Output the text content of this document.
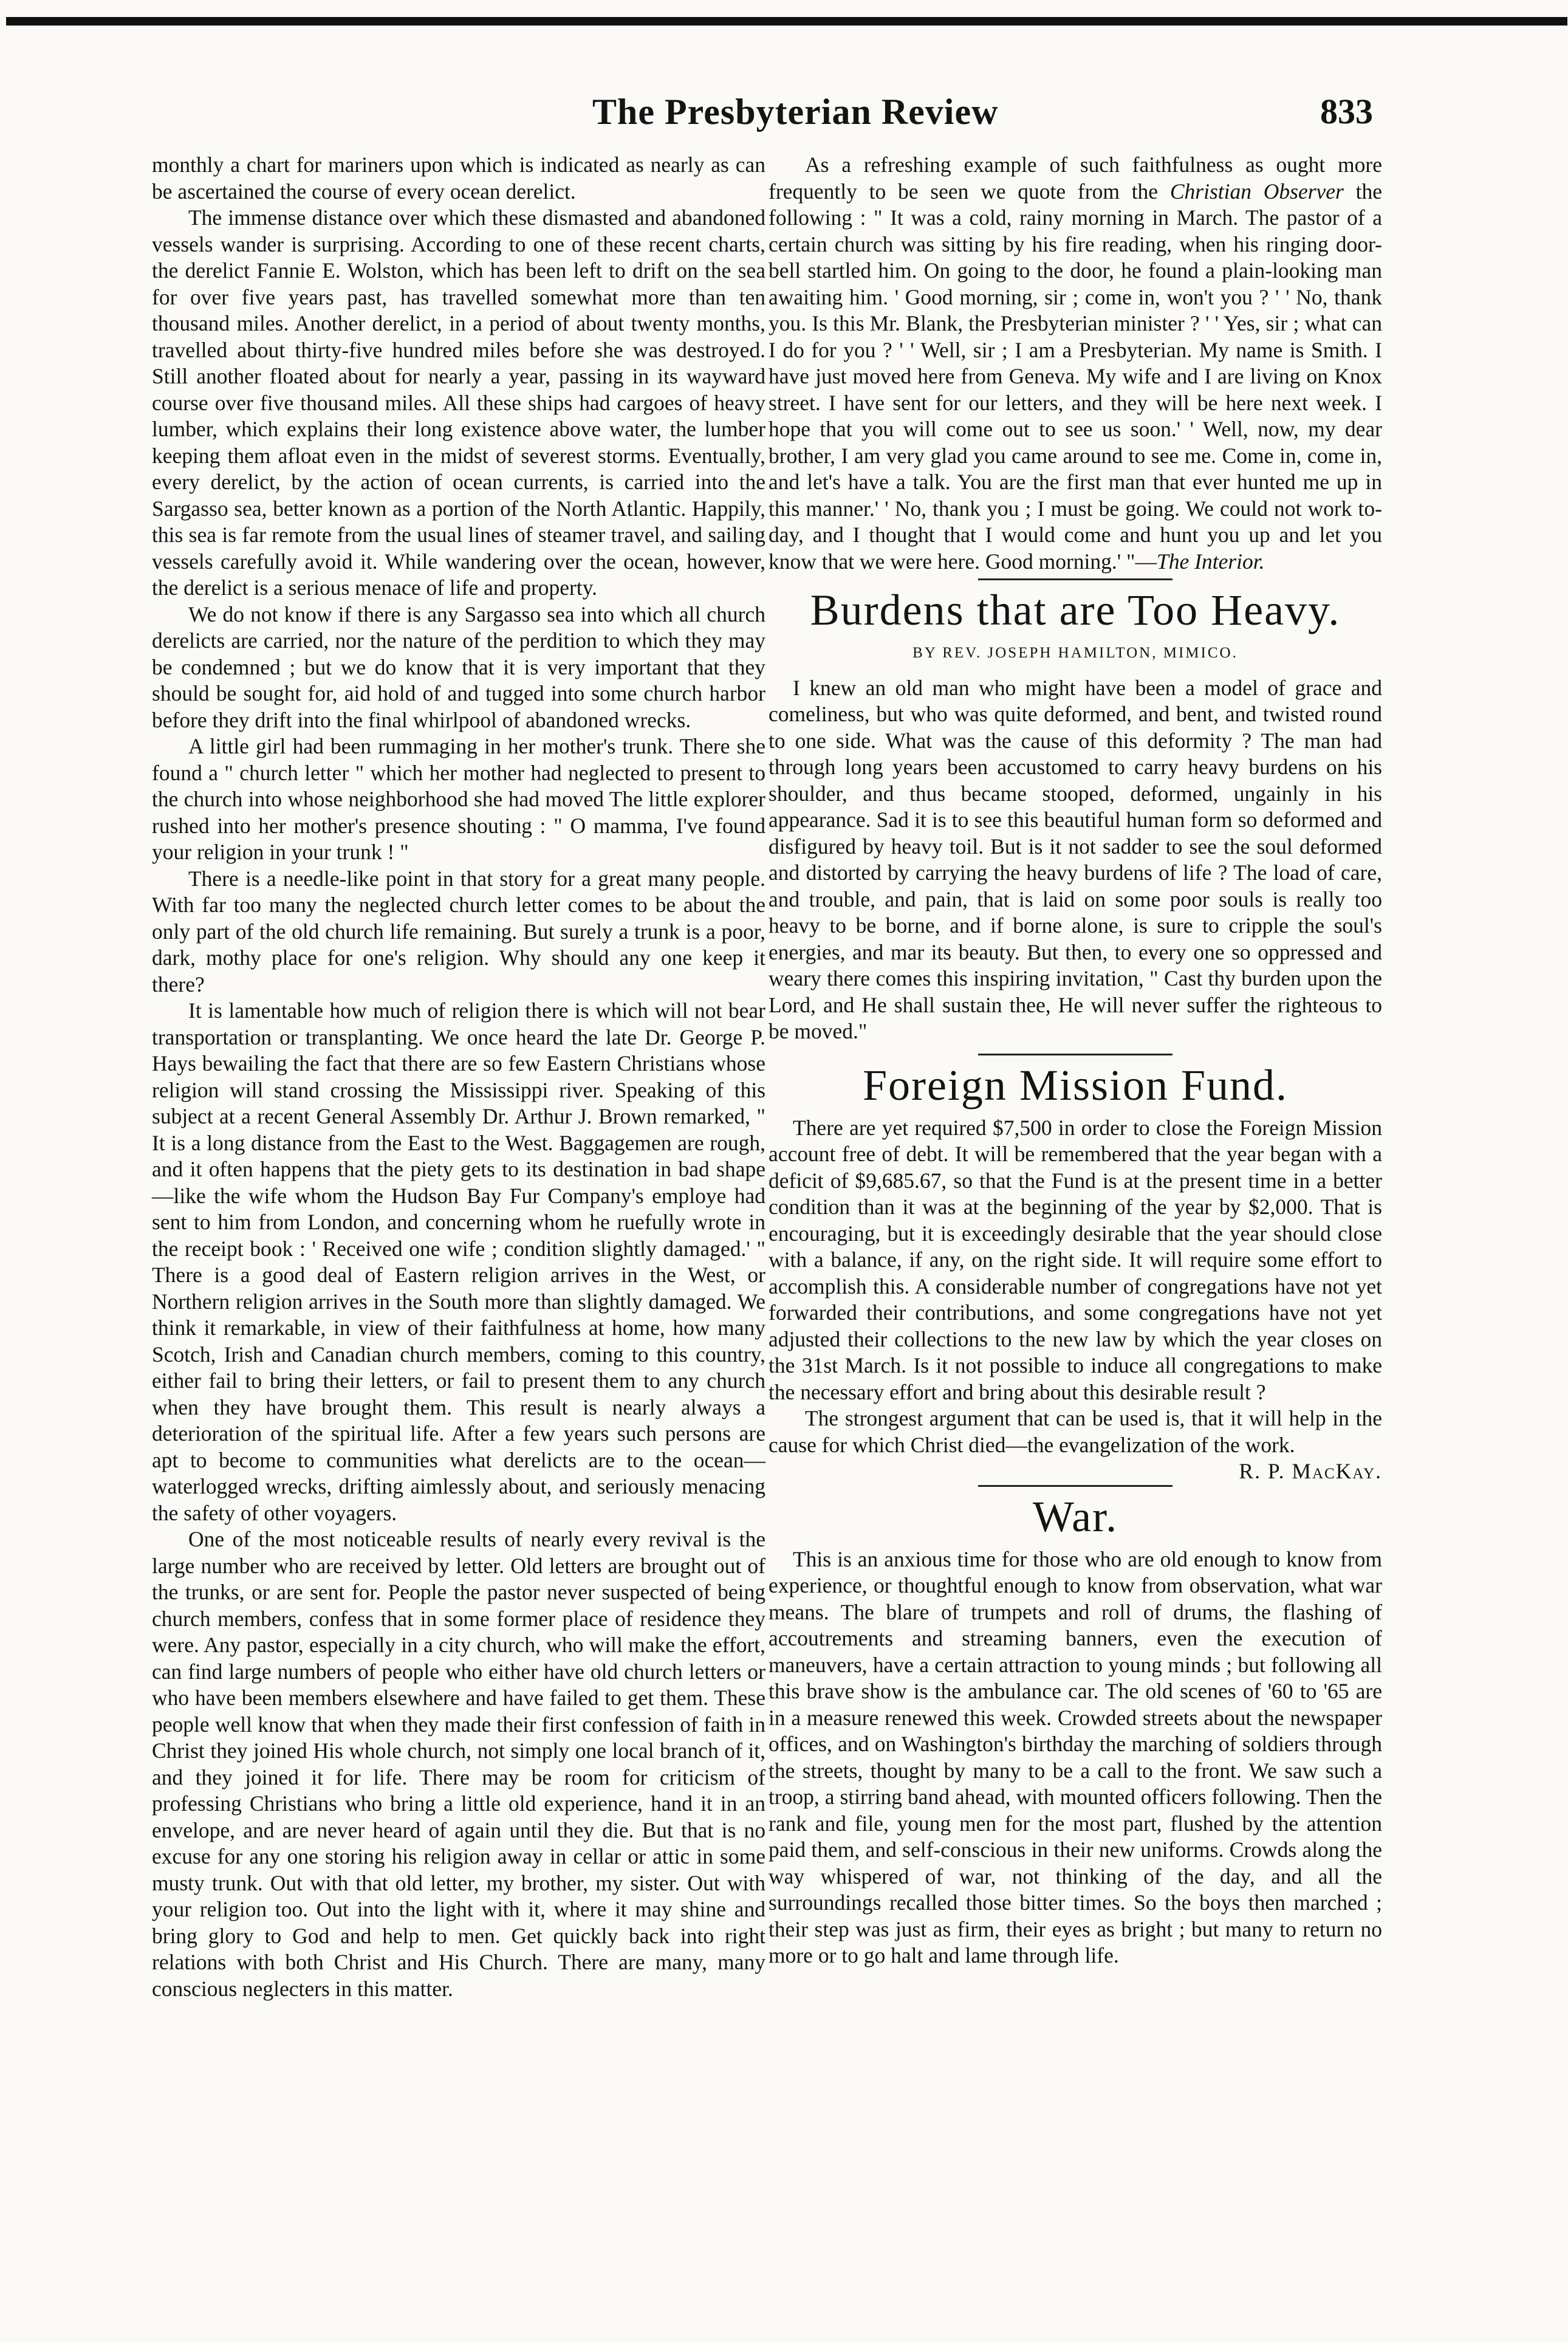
The Presbyterian Review	833

monthly a chart for mariners upon which is indicated as nearly as can be ascertained the course of every ocean derelict.

The immense distance over which these dismasted and abandoned vessels wander is surprising. According to one of these recent charts, the derelict Fannie E. Wolston, which has been left to drift on the sea for over five years past, has travelled somewhat more than ten thousand miles. Another derelict, in a period of about twenty months, travelled about thirty-five hundred miles before she was destroyed. Still another floated about for nearly a year, passing in its wayward course over five thousand miles. All these ships had cargoes of heavy lumber, which explains their long existence above water, the lumber keeping them afloat even in the midst of severest storms. Eventually, every derelict, by the action of ocean currents, is carried into the Sargasso sea, better known as a portion of the North Atlantic. Happily, this sea is far remote from the usual lines of steamer travel, and sailing vessels carefully avoid it. While wandering over the ocean, however, the derelict is a serious menace of life and property.

We do not know if there is any Sargasso sea into which all church derelicts are carried, nor the nature of the perdition to which they may be condemned ; but we do know that it is very important that they should be sought for, aid hold of and tugged into some church harbor before they drift into the final whirlpool of abandoned wrecks.

A little girl had been rummaging in her mother's trunk. There she found a " church letter " which her mother had neglected to present to the church into whose neighborhood she had moved The little explorer rushed into her mother's presence shouting : " O mamma, I've found your religion in your trunk ! "

There is a needle-like point in that story for a great many people. With far too many the neglected church letter comes to be about the only part of the old church life remaining. But surely a trunk is a poor, dark, mothy place for one's religion. Why should any one keep it there?

It is lamentable how much of religion there is which will not bear transportation or transplanting. We once heard the late Dr. George P. Hays bewailing the fact that there are so few Eastern Christians whose religion will stand crossing the Mississippi river. Speaking of this subject at a recent General Assembly Dr. Arthur J. Brown remarked, " It is a long distance from the East to the West. Baggagemen are rough, and it often happens that the piety gets to its destination in bad shape—like the wife whom the Hudson Bay Fur Company's employe had sent to him from London, and concerning whom he ruefully wrote in the receipt book : ' Received one wife ; condition slightly damaged.' " There is a good deal of Eastern religion arrives in the West, or Northern religion arrives in the South more than slightly damaged. We think it remarkable, in view of their faithfulness at home, how many Scotch, Irish and Canadian church members, coming to this country, either fail to bring their letters, or fail to present them to any church when they have brought them. This result is nearly always a deterioration of the spiritual life. After a few years such persons are apt to become to communities what derelicts are to the ocean—waterlogged wrecks, drifting aimlessly about, and seriously menacing the safety of other voyagers.

One of the most noticeable results of nearly every revival is the large number who are received by letter. Old letters are brought out of the trunks, or are sent for. People the pastor never suspected of being church members, confess that in some former place of residence they were. Any pastor, especially in a city church, who will make the effort, can find large numbers of people who either have old church letters or who have been members elsewhere and have failed to get them. These people well know that when they made their first confession of faith in Christ they joined His whole church, not simply one local branch of it, and they joined it for life. There may be room for criticism of professing Christians who bring a little old experience, hand it in an envelope, and are never heard of again until they die. But that is no excuse for any one storing his religion away in cellar or attic in some musty trunk. Out with that old letter, my brother, my sister. Out with your religion too. Out into the light with it, where it may shine and bring glory to God and help to men. Get quickly back into right relations with both Christ and His Church. There are many, many conscious neglecters in this matter.

As a refreshing example of such faithfulness as ought more frequently to be seen we quote from the Christian Observer the following : " It was a cold, rainy morning in March. The pastor of a certain church was sitting by his fire reading, when his ringing door-bell startled him. On going to the door, he found a plain-looking man awaiting him. ' Good morning, sir ; come in, won't you ? ' ' No, thank you. Is this Mr. Blank, the Presbyterian minister ? ' ' Yes, sir ; what can I do for you ? ' ' Well, sir ; I am a Presbyterian. My name is Smith. I have just moved here from Geneva. My wife and I are living on Knox street. I have sent for our letters, and they will be here next week. I hope that you will come out to see us soon.' ' Well, now, my dear brother, I am very glad you came around to see me. Come in, come in, and let's have a talk. You are the first man that ever hunted me up in this manner.' ' No, thank you ; I must be going. We could not work to-day, and I thought that I would come and hunt you up and let you know that we were here. Good morning.' "—The Interior.

Burdens that are Too Heavy.
BY REV. JOSEPH HAMILTON, MIMICO.

I knew an old man who might have been a model of grace and comeliness, but who was quite deformed, and bent, and twisted round to one side. What was the cause of this deformity ? The man had through long years been accustomed to carry heavy burdens on his shoulder, and thus became stooped, deformed, ungainly in his appearance. Sad it is to see this beautiful human form so deformed and disfigured by heavy toil. But is it not sadder to see the soul deformed and distorted by carrying the heavy burdens of life ? The load of care, and trouble, and pain, that is laid on some poor souls is really too heavy to be borne, and if borne alone, is sure to cripple the soul's energies, and mar its beauty. But then, to every one so oppressed and weary there comes this inspiring invitation, " Cast thy burden upon the Lord, and He shall sustain thee, He will never suffer the righteous to be moved."

Foreign Mission Fund.

There are yet required $7,500 in order to close the Foreign Mission account free of debt. It will be remembered that the year began with a deficit of $9,685.67, so that the Fund is at the present time in a better condition than it was at the beginning of the year by $2,000. That is encouraging, but it is exceedingly desirable that the year should close with a balance, if any, on the right side. It will require some effort to accomplish this. A considerable number of congregations have not yet forwarded their contributions, and some congregations have not yet adjusted their collections to the new law by which the year closes on the 31st March. Is it not possible to induce all congregations to make the necessary effort and bring about this desirable result ?

The strongest argument that can be used is, that it will help in the cause for which Christ died—the evangelization of the work.
R. P. MacKay.

War.

This is an anxious time for those who are old enough to know from experience, or thoughtful enough to know from observation, what war means. The blare of trumpets and roll of drums, the flashing of accoutrements and streaming banners, even the execution of maneuvers, have a certain attraction to young minds ; but following all this brave show is the ambulance car. The old scenes of '60 to '65 are in a measure renewed this week. Crowded streets about the newspaper offices, and on Washington's birthday the marching of soldiers through the streets, thought by many to be a call to the front. We saw such a troop, a stirring band ahead, with mounted officers following. Then the rank and file, young men for the most part, flushed by the attention paid them, and self-conscious in their new uniforms. Crowds along the way whispered of war, not thinking of the day, and all the surroundings recalled those bitter times. So the boys then marched ; their step was just as firm, their eyes as bright ; but many to return no more or to go halt and lame through life.
